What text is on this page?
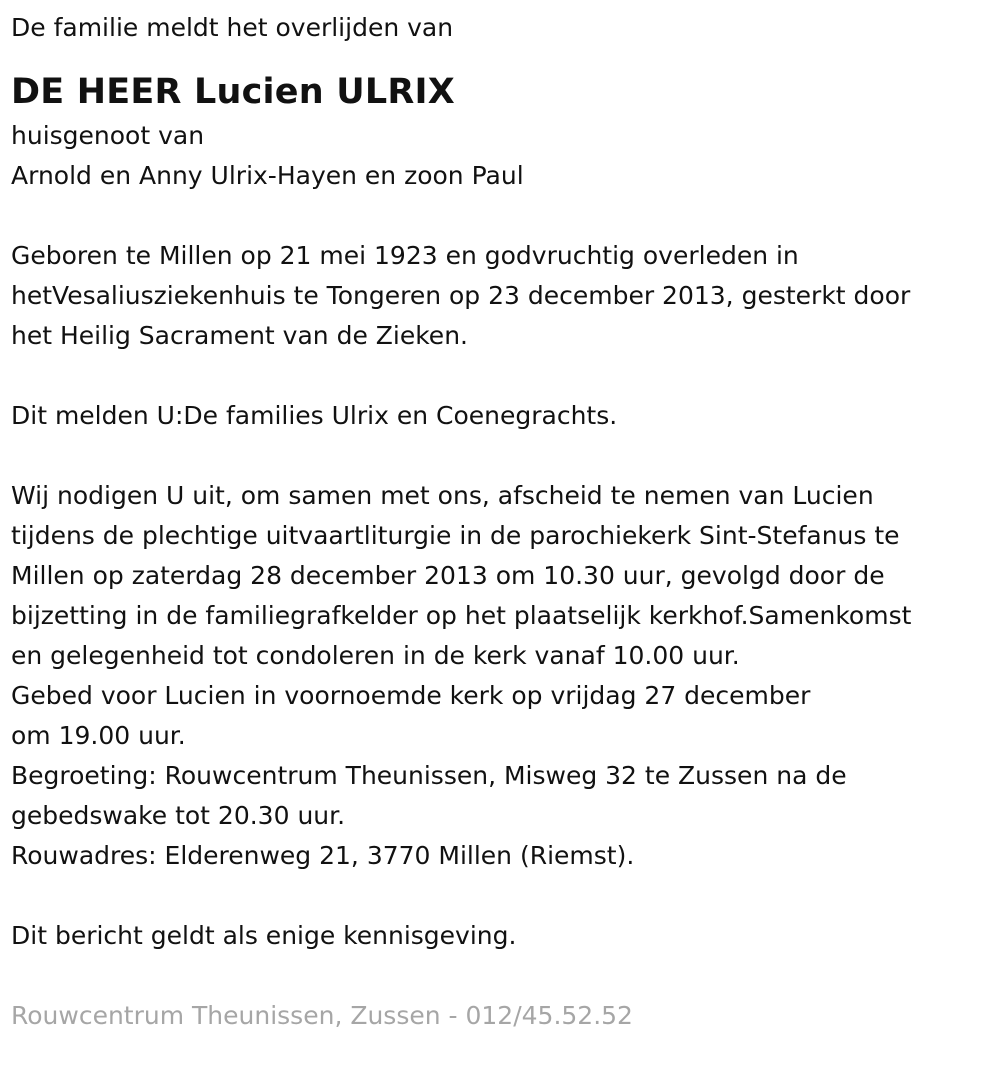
De familie meldt het overlijden van

DE HEER Lucien ULRIX

huisgenoot van

Arnold en Anny Ulrix-Hayen en zoon Paul

Geboren te Millen op 21 mei 1923 en godvruchtig overleden in

hetVesaliusziekenhuis te Tongeren op 23 december 2013, gesterkt door

het Heilig Sacrament van de Zieken.

Dit melden U:De families Ulrix en Coenegrachts.

Wij nodigen U uit, om samen met ons, afscheid te nemen van Lucien

tijdens de plechtige uitvaartliturgie in de parochiekerk Sint-Stefanus te

Millen op zaterdag 28 december 2013 om 10.30 uur, gevolgd door de

bijzetting in de familiegrafkelder op het plaatselijk kerkhof.Samenkomst

en gelegenheid tot condoleren in de kerk vanaf 10.00 uur.

Gebed voor Lucien in voornoemde kerk op vrijdag 27 december

om 19.00 uur.

Begroeting: Rouwcentrum Theunissen, Misweg 32 te Zussen na de

gebedswake tot 20.30 uur.

Rouwadres: Elderenweg 21, 3770 Millen (Riemst).

Dit bericht geldt als enige kennisgeving.

Rouwcentrum Theunissen, Zussen - 012/45.52.52
